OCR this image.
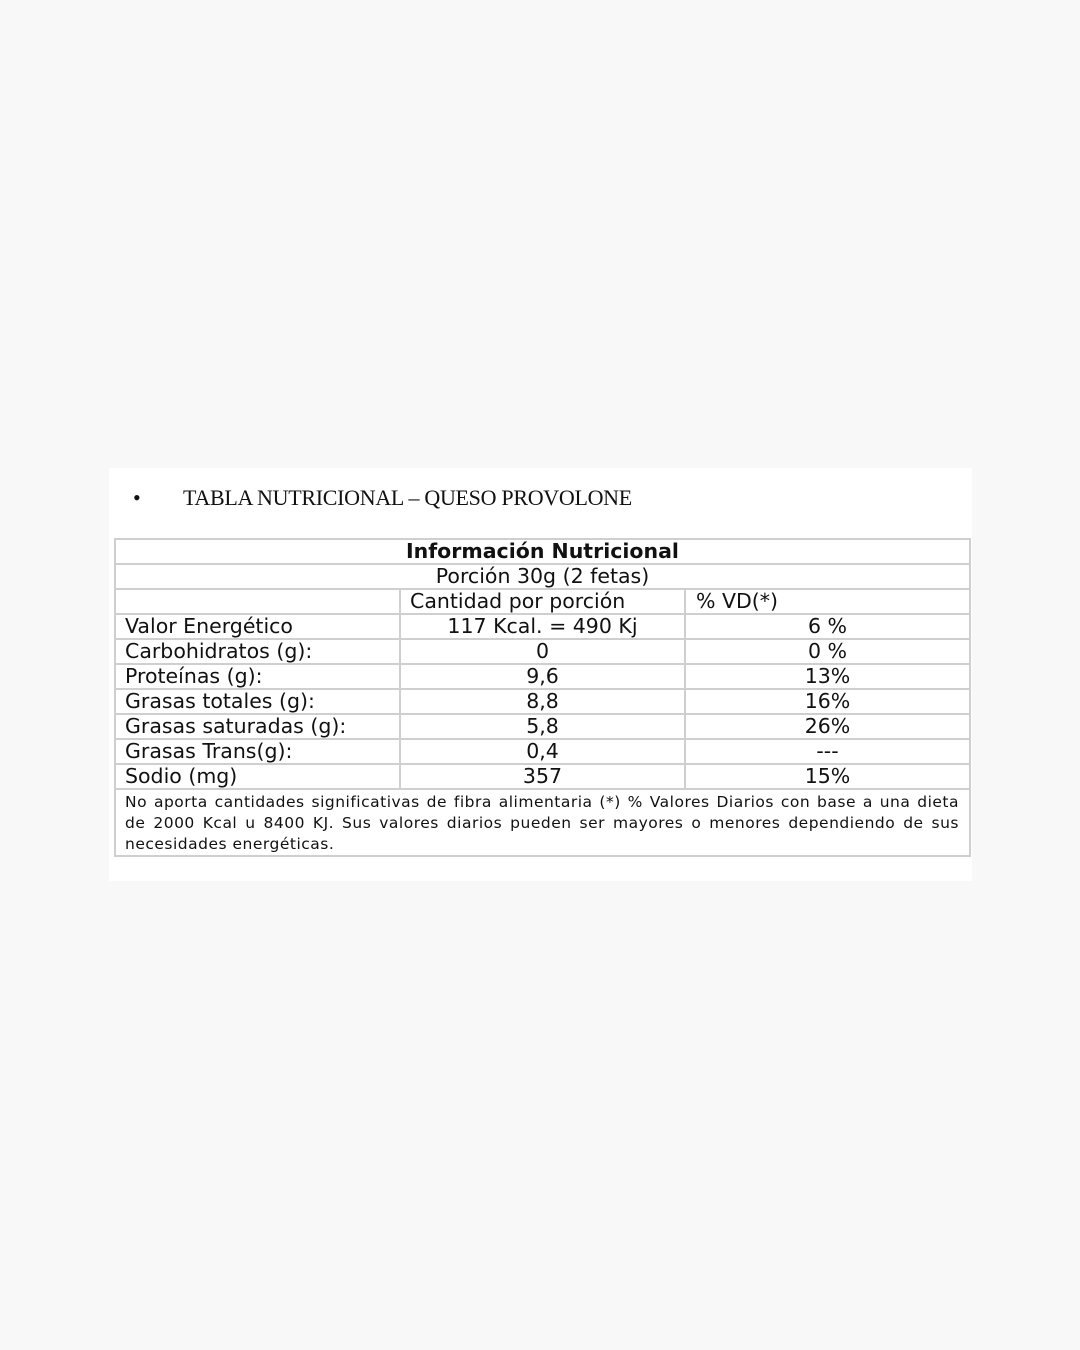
• TABLA NUTRICIONAL – QUESO PROVOLONE
Información Nutricional		
Porción 30g (2 fetas)		
	Cantidad por porción	% VD(*)
Valor Energético	117 Kcal. = 490 Kj	6 %
Carbohidratos (g):	0	0 %
Proteínas (g):	9,6	13%
Grasas totales (g):	8,8	16%
Grasas saturadas (g):	5,8	26%
Grasas Trans(g):	0,4	---
Sodio (mg)	357	15%
No aporta cantidades significativas de fibra alimentaria (*) % Valores Diarios con base a una dieta de 2000 Kcal u 8400 KJ. Sus valores diarios pueden ser mayores o menores dependiendo de sus necesidades energéticas.		
